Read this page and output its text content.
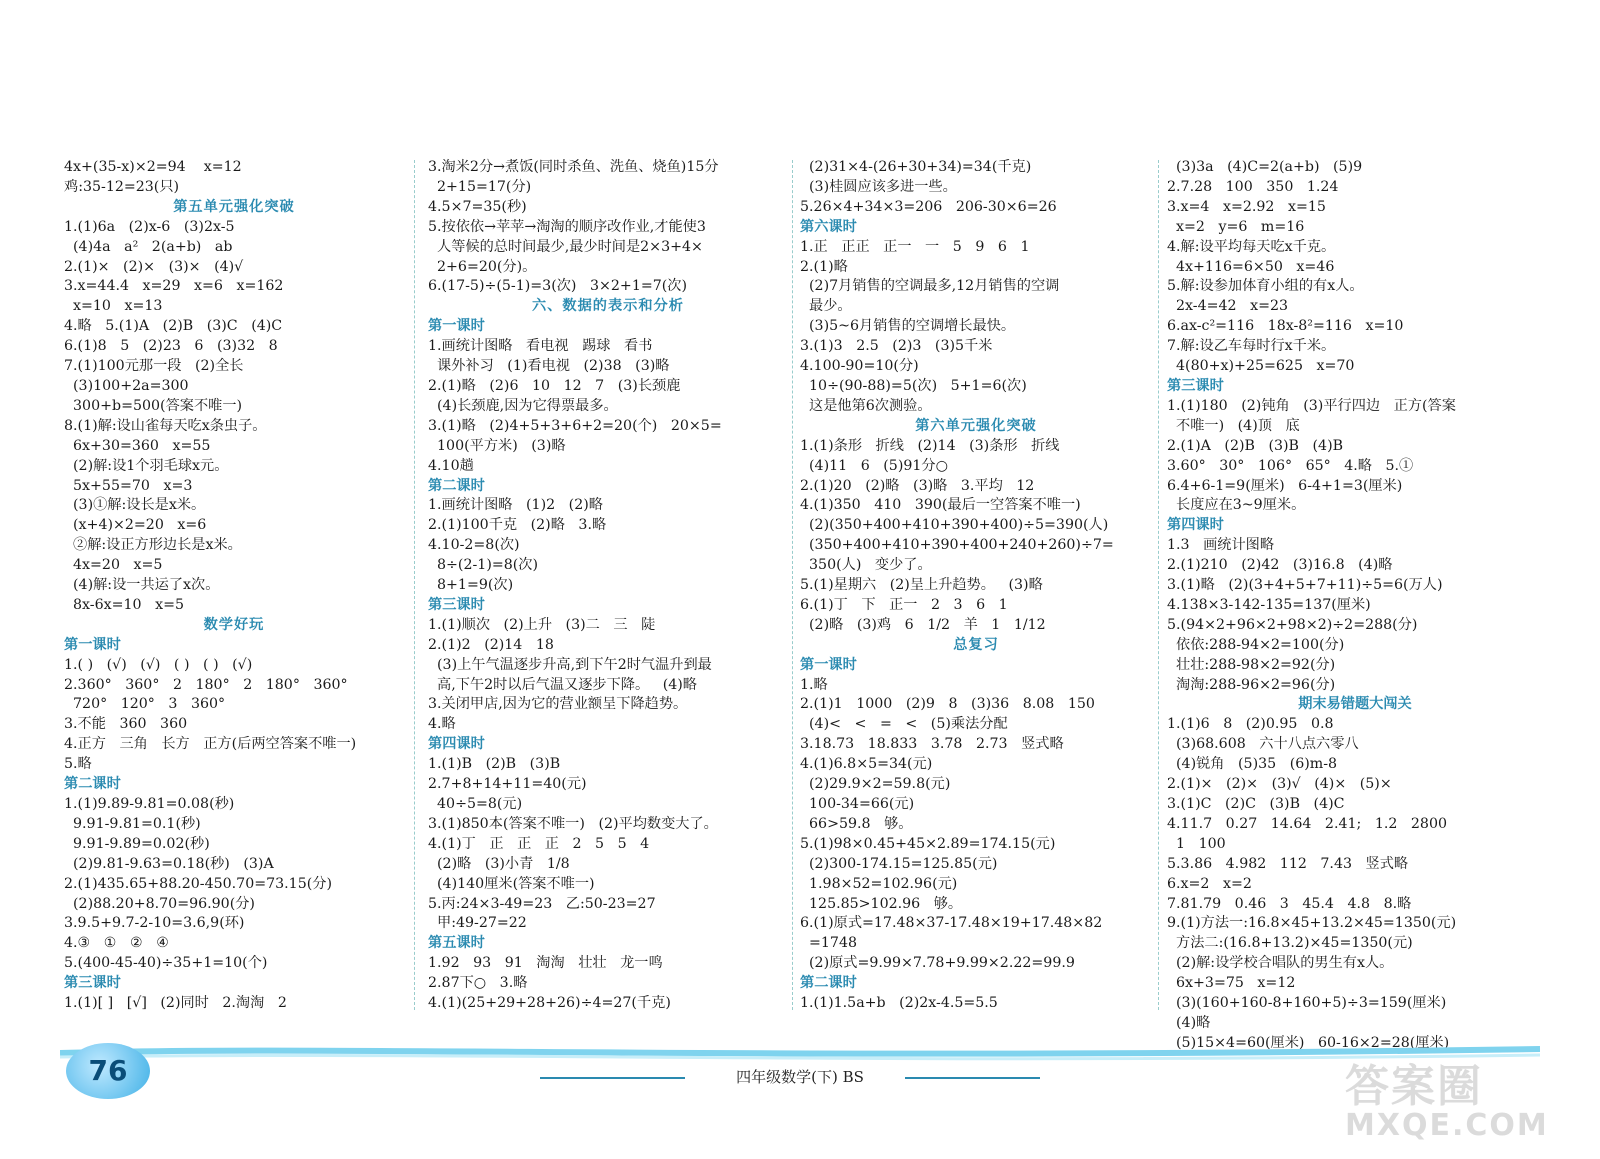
4x+(35-x)×2=94    x=12
鸡:35-12=23(只)
第五单元强化突破
1.(1)6a   (2)x-6   (3)2x-5
(4)4a   a²   2(a+b)   ab
2.(1)×   (2)×   (3)×   (4)√
3.x=44.4   x=29   x=6   x=162
x=10   x=13
4.略   5.(1)A   (2)B   (3)C   (4)C
6.(1)8   5   (2)23   6   (3)32   8
7.(1)100元那一段   (2)全长
(3)100+2a=300
300+b=500(答案不唯一)
8.(1)解:设山雀每天吃x条虫子。
6x+30=360   x=55
(2)解:设1个羽毛球x元。
5x+55=70   x=3
(3)①解:设长是x米。
(x+4)×2=20   x=6
②解:设正方形边长是x米。
4x=20   x=5
(4)解:设一共运了x次。
8x-6x=10   x=5
数学好玩
第一课时
1.( )   (√)   (√)   ( )   ( )   (√)
2.360°   360°   2   180°   2   180°   360°
720°   120°   3   360°
3.不能   360   360
4.正方   三角   长方   正方(后两空答案不唯一)
5.略
第二课时
1.(1)9.89-9.81=0.08(秒)
9.91-9.81=0.1(秒)
9.91-9.89=0.02(秒)
(2)9.81-9.63=0.18(秒)   (3)A
2.(1)435.65+88.20-450.70=73.15(分)
(2)88.20+8.70=96.90(分)
3.9.5+9.7-2-10=3.6,9(环)
4.③   ①   ②   ④
5.(400-45-40)÷35+1=10(个)
第三课时
1.(1)[ ]   [√]   (2)同时   2.淘淘   2
3.淘米2分→煮饭(同时杀鱼、洗鱼、烧鱼)15分
2+15=17(分)
4.5×7=35(秒)
5.按依依→苹苹→淘淘的顺序改作业,才能使3
人等候的总时间最少,最少时间是2×3+4×
2+6=20(分)。
6.(17-5)÷(5-1)=3(次)   3×2+1=7(次)
六、数据的表示和分析
第一课时
1.画统计图略   看电视   踢球   看书
课外补习   (1)看电视   (2)38   (3)略
2.(1)略   (2)6   10   12   7   (3)长颈鹿
(4)长颈鹿,因为它得票最多。
3.(1)略   (2)4+5+3+6+2=20(个)   20×5=
100(平方米)   (3)略
4.10趟
第二课时
1.画统计图略   (1)2   (2)略
2.(1)100千克   (2)略   3.略
4.10-2=8(次)
8÷(2-1)=8(次)
8+1=9(次)
第三课时
1.(1)顺次   (2)上升   (3)二   三   陡
2.(1)2   (2)14   18
(3)上午气温逐步升高,到下午2时气温升到最
高,下午2时以后气温又逐步下降。   (4)略
3.关闭甲店,因为它的营业额呈下降趋势。
4.略
第四课时
1.(1)B   (2)B   (3)B
2.7+8+14+11=40(元)
40÷5=8(元)
3.(1)850本(答案不唯一)   (2)平均数变大了。
4.(1)丁   正   正   正   2   5   5   4
(2)略   (3)小青   1/8
(4)140厘米(答案不唯一)
5.丙:24×3-49=23   乙:50-23=27
甲:49-27=22
第五课时
1.92   93   91   淘淘   壮壮   龙一鸣
2.87下○   3.略
4.(1)(25+29+28+26)÷4=27(千克)
(2)31×4-(26+30+34)=34(千克)
(3)桂圆应该多进一些。
5.26×4+34×3=206   206-30×6=26
第六课时
1.正   正正   正一   一   5   9   6   1
2.(1)略
(2)7月销售的空调最多,12月销售的空调
最少。
(3)5~6月销售的空调增长最快。
3.(1)3   2.5   (2)3   (3)5千米
4.100-90=10(分)
10÷(90-88)=5(次)   5+1=6(次)
这是他第6次测验。
第六单元强化突破
1.(1)条形   折线   (2)14   (3)条形   折线
(4)11   6   (5)91分○
2.(1)20   (2)略   (3)略   3.平均   12
4.(1)350   410   390(最后一空答案不唯一)
(2)(350+400+410+390+400)÷5=390(人)
(350+400+410+390+400+240+260)÷7=
350(人)   变少了。
5.(1)星期六   (2)呈上升趋势。   (3)略
6.(1)丁   下   正一   2   3   6   1
(2)略   (3)鸡   6   1/2   羊   1   1/12
总复习
第一课时
1.略
2.(1)1   1000   (2)9   8   (3)36   8.08   150
(4)<   <   =   <   (5)乘法分配
3.18.73   18.833   3.78   2.73   竖式略
4.(1)6.8×5=34(元)
(2)29.9×2=59.8(元)
100-34=66(元)
66>59.8   够。
5.(1)98×0.45+45×2.89=174.15(元)
(2)300-174.15=125.85(元)
1.98×52=102.96(元)
125.85>102.96   够。
6.(1)原式=17.48×37-17.48×19+17.48×82
=1748
(2)原式=9.99×7.78+9.99×2.22=99.9
第二课时
1.(1)1.5a+b   (2)2x-4.5=5.5
(3)3a   (4)C=2(a+b)   (5)9
2.7.28   100   350   1.24
3.x=4   x=2.92   x=15
x=2   y=6   m=16
4.解:设平均每天吃x千克。
4x+116=6×50   x=46
5.解:设参加体育小组的有x人。
2x-4=42   x=23
6.ax-c²=116   18x-8²=116   x=10
7.解:设乙车每时行x千米。
4(80+x)+25=625   x=70
第三课时
1.(1)180   (2)钝角   (3)平行四边   正方(答案
不唯一)   (4)顶   底
2.(1)A   (2)B   (3)B   (4)B
3.60°   30°   106°   65°   4.略   5.①
6.4+6-1=9(厘米)   6-4+1=3(厘米)
长度应在3~9厘米。
第四课时
1.3   画统计图略
2.(1)210   (2)42   (3)16.8   (4)略
3.(1)略   (2)(3+4+5+7+11)÷5=6(万人)
4.138×3-142-135=137(厘米)
5.(94×2+96×2+98×2)÷2=288(分)
依依:288-94×2=100(分)
壮壮:288-98×2=92(分)
淘淘:288-96×2=96(分)
期末易错题大闯关
1.(1)6   8   (2)0.95   0.8
(3)68.608   六十八点六零八
(4)锐角   (5)35   (6)m-8
2.(1)×   (2)×   (3)√   (4)×   (5)×
3.(1)C   (2)C   (3)B   (4)C
4.11.7   0.27   14.64   2.41;   1.2   2800
1   100
5.3.86   4.982   112   7.43   竖式略
6.x=2   x=2
7.81.79   0.46   3   45.4   4.8   8.略
9.(1)方法一:16.8×45+13.2×45=1350(元)
方法二:(16.8+13.2)×45=1350(元)
(2)解:设学校合唱队的男生有x人。
6x+3=75   x=12
(3)(160+160-8+160+5)÷3=159(厘米)
(4)略
(5)15×4=60(厘米)   60-16×2=28(厘米)
76	四年级数学(下) BS	答案圈
MXQE.COM
